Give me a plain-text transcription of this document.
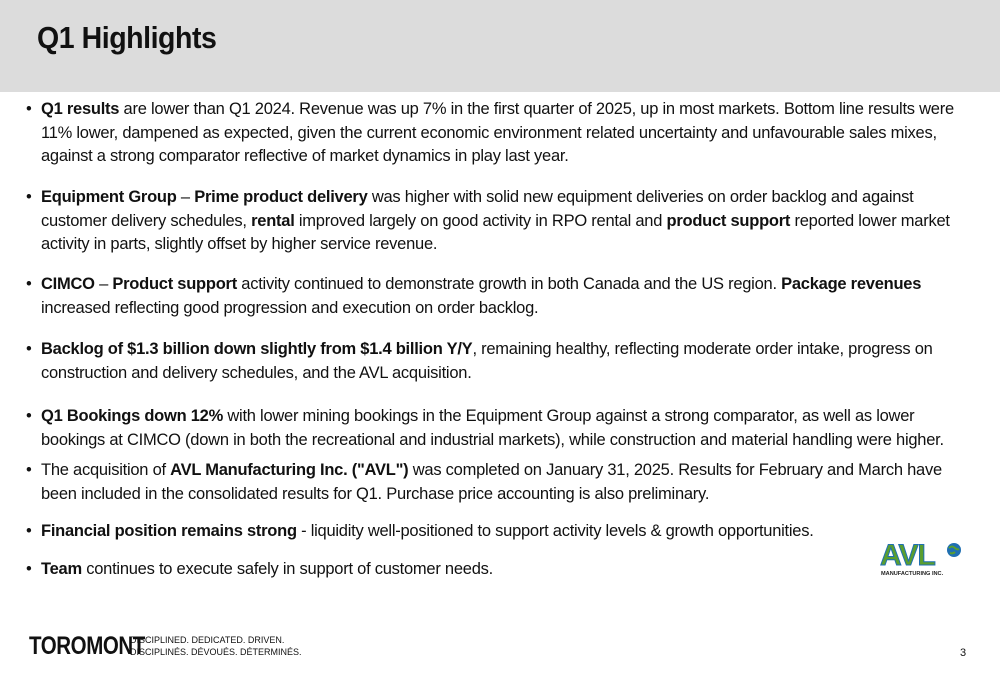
Q1 Highlights
• Q1 results are lower than Q1 2024. Revenue was up 7% in the first quarter of 2025, up in most markets. Bottom line results were 11% lower, dampened as expected, given the current economic environment related uncertainty and unfavourable sales mixes, against a strong comparator reflective of market dynamics in play last year.
• Equipment Group – Prime product delivery was higher with solid new equipment deliveries on order backlog and against customer delivery schedules, rental improved largely on good activity in RPO rental and product support reported lower market activity in parts, slightly offset by higher service revenue.
• CIMCO – Product support activity continued to demonstrate growth in both Canada and the US region. Package revenues increased reflecting good progression and execution on order backlog.
• Backlog of $1.3 billion down slightly from $1.4 billion Y/Y, remaining healthy, reflecting moderate order intake, progress on construction and delivery schedules, and the AVL acquisition.
• Q1 Bookings down 12% with lower mining bookings in the Equipment Group against a strong comparator, as well as lower bookings at CIMCO (down in both the recreational and industrial markets), while construction and material handling were higher.
• The acquisition of AVL Manufacturing Inc. ("AVL") was completed on January 31, 2025. Results for February and March have been included in the consolidated results for Q1. Purchase price accounting is also preliminary.
• Financial position remains strong - liquidity well-positioned to support activity levels & growth opportunities.
• Team continues to execute safely in support of customer needs.	AVL
MANUFACTURING INC.
TOROMONT
DISCIPLINED. DEDICATED. DRIVEN.
DISCIPLINÉS. DÉVOUÉS. DÉTERMINÉS.	3
